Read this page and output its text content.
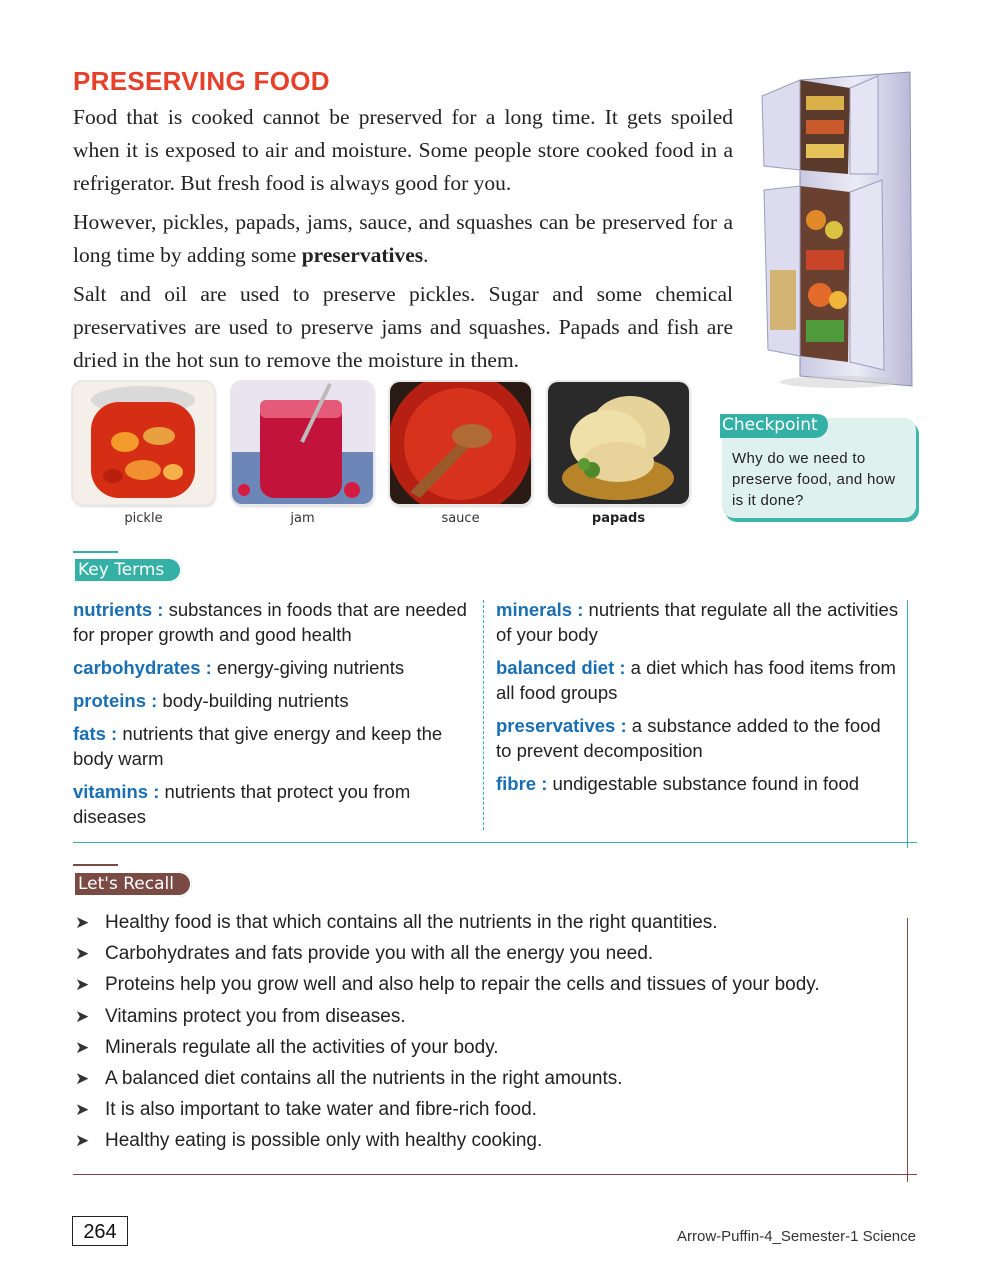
PRESERVING FOOD

Food that is cooked cannot be preserved for a long time. It gets spoiled when it is exposed to air and moisture. Some people store cooked food in a refrigerator. But fresh food is always good for you.

However, pickles, papads, jams, sauce, and squashes can be preserved for a long time by adding some preservatives.

Salt and oil are used to preserve pickles. Sugar and some chemical preservatives are used to preserve jams and squashes. Papads and fish are dried in the hot sun to remove the moisture in them.

pickle	jam	sauce	papads
Checkpoint
Why do we need to preserve food, and how is it done?
Key Terms
nutrients : substances in foods that are needed for proper growth and good health
carbohydrates : energy-giving nutrients
proteins : body-building nutrients
fats : nutrients that give energy and keep the body warm
vitamins : nutrients that protect you from diseases
minerals : nutrients that regulate all the activities of your body
balanced diet : a diet which has food items from all food groups
preservatives : a substance added to the food to prevent decomposition
fibre : undigestable substance found in food
Let's Recall
➤ Healthy food is that which contains all the nutrients in the right quantities.
➤ Carbohydrates and fats provide you with all the energy you need.
➤ Proteins help you grow well and also help to repair the cells and tissues of your body.
➤ Vitamins protect you from diseases.
➤ Minerals regulate all the activities of your body.
➤ A balanced diet contains all the nutrients in the right amounts.
➤ It is also important to take water and fibre-rich food.
➤ Healthy eating is possible only with healthy cooking.
264	Arrow-Puffin-4_Semester-1 Science
